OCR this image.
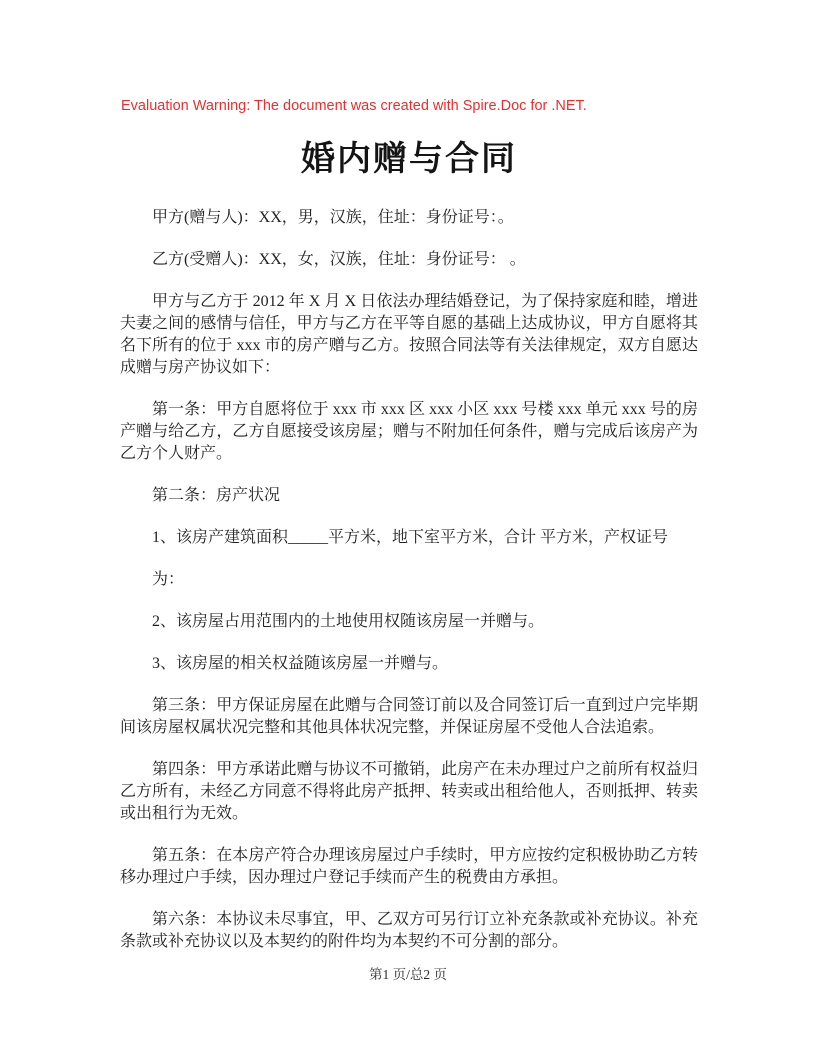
Evaluation Warning: The document was created with Spire.Doc for .NET.
婚内赠与合同

甲方(赠与人)：XX，男，汉族，住址：身份证号：。

乙方(受赠人)：XX，女，汉族，住址：身份证号： 。

甲方与乙方于 2012 年 X 月 X 日依法办理结婚登记，为了保持家庭和睦，增进夫妻之间的感情与信任，甲方与乙方在平等自愿的基础上达成协议，甲方自愿将其名下所有的位于 xxx 市的房产赠与乙方。按照合同法等有关法律规定，双方自愿达成赠与房产协议如下：

第一条：甲方自愿将位于 xxx 市 xxx 区 xxx 小区 xxx 号楼 xxx 单元 xxx 号的房产赠与给乙方，乙方自愿接受该房屋；赠与不附加任何条件，赠与完成后该房产为乙方个人财产。

第二条：房产状况

1、该房产建筑面积_____平方米，地下室平方米，合计 平方米，产权证号

为：

2、该房屋占用范围内的土地使用权随该房屋一并赠与。

3、该房屋的相关权益随该房屋一并赠与。

第三条：甲方保证房屋在此赠与合同签订前以及合同签订后一直到过户完毕期间该房屋权属状况完整和其他具体状况完整，并保证房屋不受他人合法追索。

第四条：甲方承诺此赠与协议不可撤销，此房产在未办理过户之前所有权益归乙方所有，未经乙方同意不得将此房产抵押、转卖或出租给他人，否则抵押、转卖或出租行为无效。

第五条：在本房产符合办理该房屋过户手续时，甲方应按约定积极协助乙方转移办理过户手续，因办理过户登记手续而产生的税费由方承担。

第六条：本协议未尽事宜，甲、乙双方可另行订立补充条款或补充协议。补充条款或补充协议以及本契约的附件均为本契约不可分割的部分。

第1 页/总2 页
